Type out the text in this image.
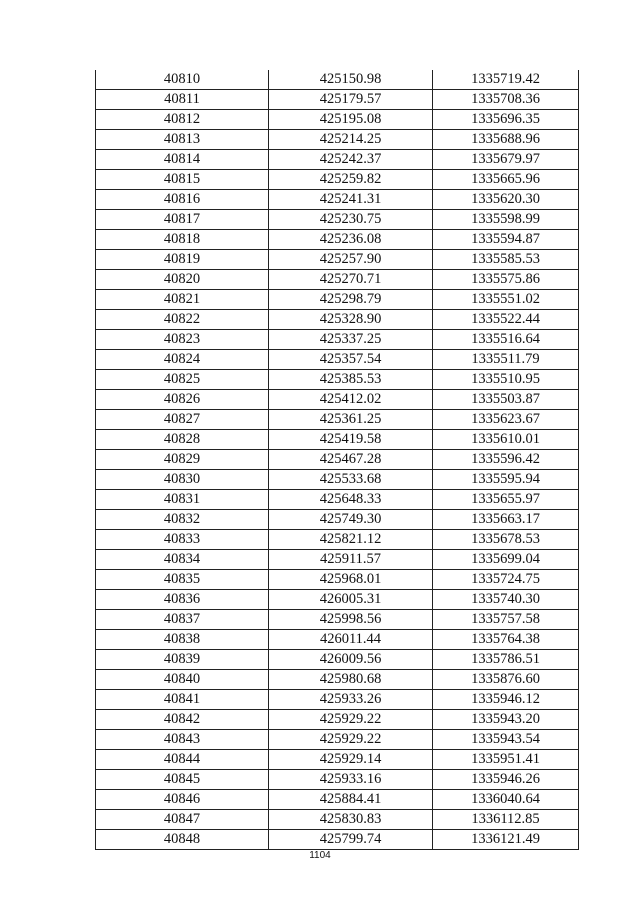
40810	425150.98	1335719.42
40811	425179.57	1335708.36
40812	425195.08	1335696.35
40813	425214.25	1335688.96
40814	425242.37	1335679.97
40815	425259.82	1335665.96
40816	425241.31	1335620.30
40817	425230.75	1335598.99
40818	425236.08	1335594.87
40819	425257.90	1335585.53
40820	425270.71	1335575.86
40821	425298.79	1335551.02
40822	425328.90	1335522.44
40823	425337.25	1335516.64
40824	425357.54	1335511.79
40825	425385.53	1335510.95
40826	425412.02	1335503.87
40827	425361.25	1335623.67
40828	425419.58	1335610.01
40829	425467.28	1335596.42
40830	425533.68	1335595.94
40831	425648.33	1335655.97
40832	425749.30	1335663.17
40833	425821.12	1335678.53
40834	425911.57	1335699.04
40835	425968.01	1335724.75
40836	426005.31	1335740.30
40837	425998.56	1335757.58
40838	426011.44	1335764.38
40839	426009.56	1335786.51
40840	425980.68	1335876.60
40841	425933.26	1335946.12
40842	425929.22	1335943.20
40843	425929.22	1335943.54
40844	425929.14	1335951.41
40845	425933.16	1335946.26
40846	425884.41	1336040.64
40847	425830.83	1336112.85
40848	425799.74	1336121.49
1104
